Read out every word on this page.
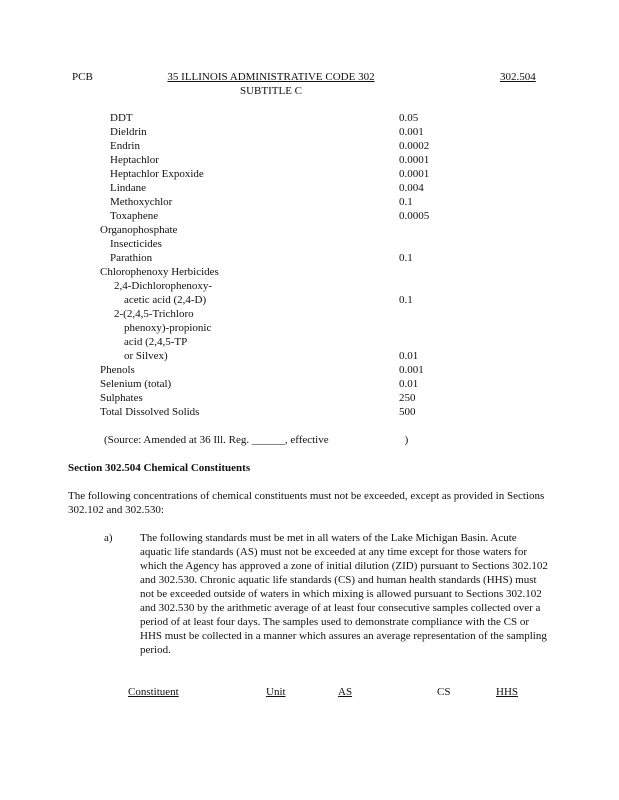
PCB	35 ILLINOIS ADMINISTRATIVE CODE 302	302.504
SUBTITLE C
DDT	0.05
Dieldrin	0.001
Endrin	0.0002
Heptachlor	0.0001
Heptachlor Expoxide	0.0001
Lindane	0.004
Methoxychlor	0.1
Toxaphene	0.0005
Organophosphate
Insecticides
Parathion	0.1
Chlorophenoxy Herbicides
2,4-Dichlorophenoxy-
acetic acid (2,4-D)	0.1
2-(2,4,5-Trichloro
phenoxy)-propionic
acid (2,4,5-TP
or Silvex)	0.01
Phenols	0.001
Selenium (total)	0.01
Sulphates	250
Total Dissolved Solids	500
(Source: Amended at 36 Ill. Reg. ______, effective	)
Section 302.504 Chemical Constituents
The following concentrations of chemical constituents must not be exceeded, except as provided in Sections 302.102 and 302.530:
a) The following standards must be met in all waters of the Lake Michigan Basin. Acute aquatic life standards (AS) must not be exceeded at any time except for those waters for which the Agency has approved a zone of initial dilution (ZID) pursuant to Sections 302.102 and 302.530. Chronic aquatic life standards (CS) and human health standards (HHS) must not be exceeded outside of waters in which mixing is allowed pursuant to Sections 302.102 and 302.530 by the arithmetic average of at least four consecutive samples collected over a period of at least four days. The samples used to demonstrate compliance with the CS or HHS must be collected in a manner which assures an average representation of the sampling period.
Constituent	Unit	AS	CS	HHS
